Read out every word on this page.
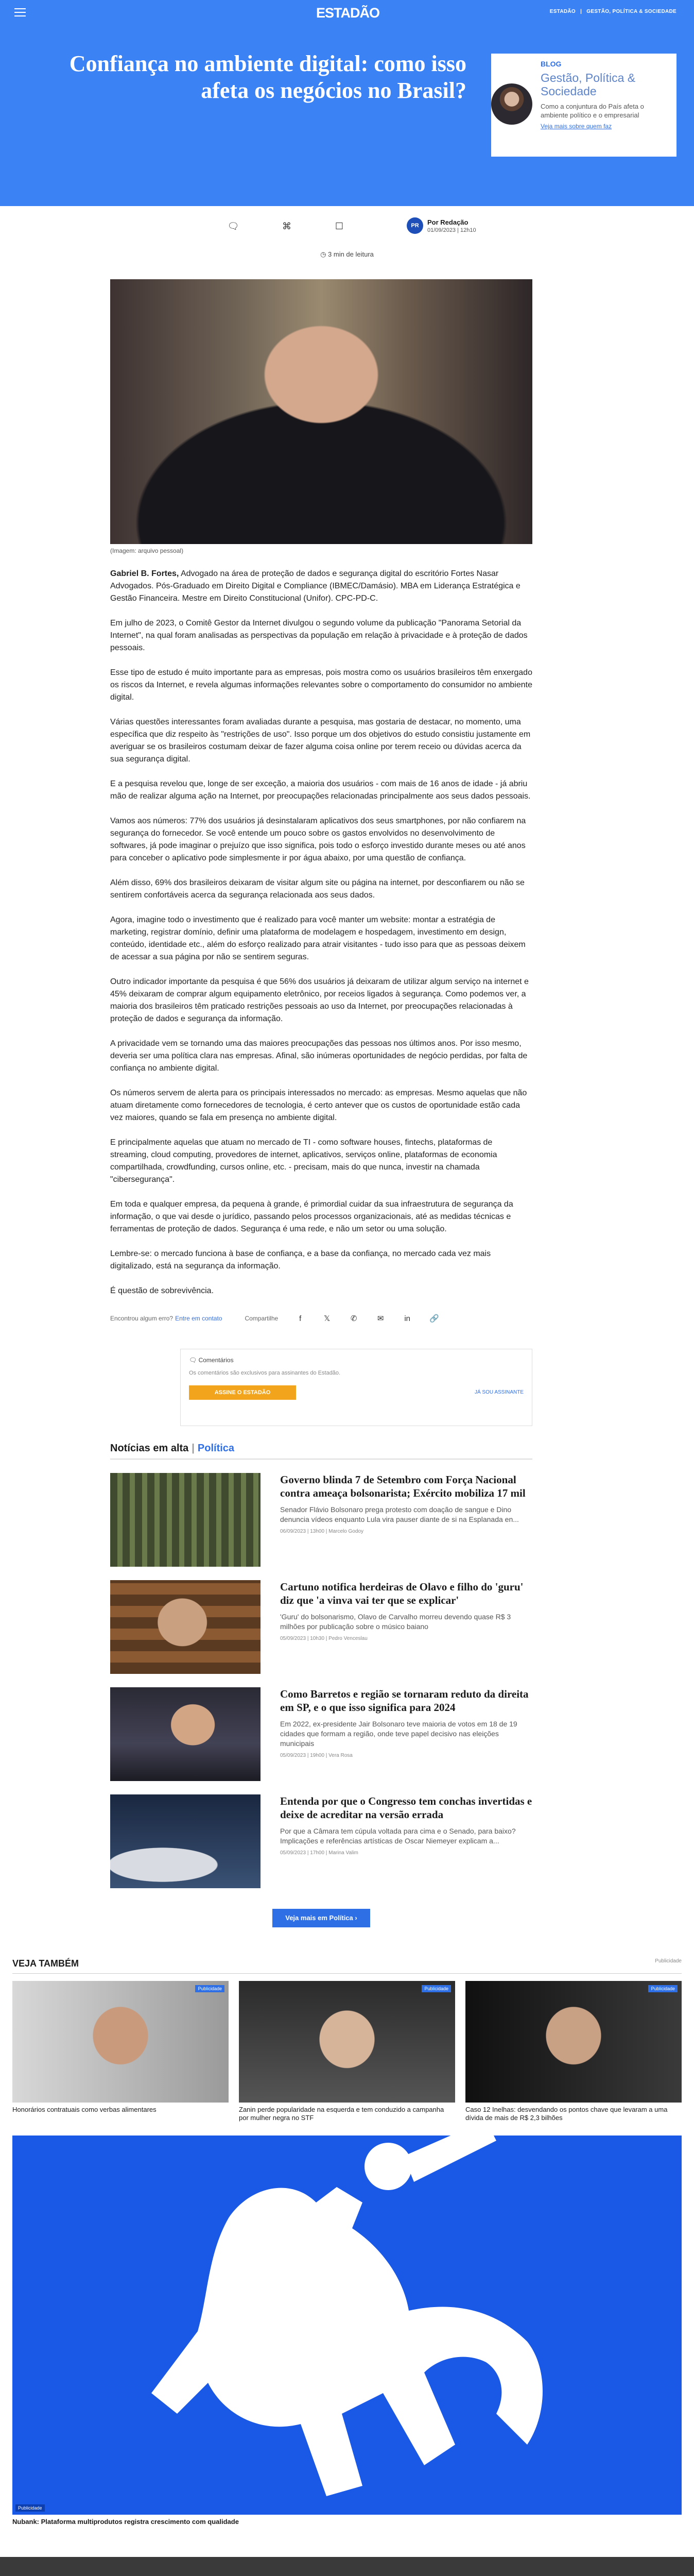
ESTADÃO	ESTADÃO | GESTÃO, POLÍTICA & SOCIEDADE
Confiança no ambiente digital: como isso afeta os negócios no Brasil?
BLOG
Gestão, Política & Sociedade
Como a conjuntura do País afeta o ambiente político e o empresarial
Veja mais sobre quem faz
🗨	⌘	☐	PR	Por Redação
01/09/2023 | 12h10
◷ 3 min de leitura
(Imagem: arquivo pessoal)

Gabriel B. Fortes, Advogado na área de proteção de dados e segurança digital do escritório Fortes Nasar Advogados. Pós-Graduado em Direito Digital e Compliance (IBMEC/Damásio). MBA em Liderança Estratégica e Gestão Financeira. Mestre em Direito Constitucional (Unifor). CPC-PD-C.

Em julho de 2023, o Comitê Gestor da Internet divulgou o segundo volume da publicação "Panorama Setorial da Internet", na qual foram analisadas as perspectivas da população em relação à privacidade e à proteção de dados pessoais.

Esse tipo de estudo é muito importante para as empresas, pois mostra como os usuários brasileiros têm enxergado os riscos da Internet, e revela algumas informações relevantes sobre o comportamento do consumidor no ambiente digital.

Várias questões interessantes foram avaliadas durante a pesquisa, mas gostaria de destacar, no momento, uma específica que diz respeito às "restrições de uso". Isso porque um dos objetivos do estudo consistiu justamente em averiguar se os brasileiros costumam deixar de fazer alguma coisa online por terem receio ou dúvidas acerca da sua segurança digital.

E a pesquisa revelou que, longe de ser exceção, a maioria dos usuários - com mais de 16 anos de idade - já abriu mão de realizar alguma ação na Internet, por preocupações relacionadas principalmente aos seus dados pessoais.

Vamos aos números: 77% dos usuários já desinstalaram aplicativos dos seus smartphones, por não confiarem na segurança do fornecedor. Se você entende um pouco sobre os gastos envolvidos no desenvolvimento de softwares, já pode imaginar o prejuízo que isso significa, pois todo o esforço investido durante meses ou até anos para conceber o aplicativo pode simplesmente ir por água abaixo, por uma questão de confiança.

Além disso, 69% dos brasileiros deixaram de visitar algum site ou página na internet, por desconfiarem ou não se sentirem confortáveis acerca da segurança relacionada aos seus dados.

Agora, imagine todo o investimento que é realizado para você manter um website: montar a estratégia de marketing, registrar domínio, definir uma plataforma de modelagem e hospedagem, investimento em design, conteúdo, identidade etc., além do esforço realizado para atrair visitantes - tudo isso para que as pessoas deixem de acessar a sua página por não se sentirem seguras.

Outro indicador importante da pesquisa é que 56% dos usuários já deixaram de utilizar algum serviço na internet e 45% deixaram de comprar algum equipamento eletrônico, por receios ligados à segurança. Como podemos ver, a maioria dos brasileiros têm praticado restrições pessoais ao uso da Internet, por preocupações relacionadas à proteção de dados e segurança da informação.

A privacidade vem se tornando uma das maiores preocupações das pessoas nos últimos anos. Por isso mesmo, deveria ser uma política clara nas empresas. Afinal, são inúmeras oportunidades de negócio perdidas, por falta de confiança no ambiente digital.

Os números servem de alerta para os principais interessados no mercado: as empresas. Mesmo aquelas que não atuam diretamente como fornecedores de tecnologia, é certo antever que os custos de oportunidade estão cada vez maiores, quando se fala em presença no ambiente digital.

E principalmente aquelas que atuam no mercado de TI - como software houses, fintechs, plataformas de streaming, cloud computing, provedores de internet, aplicativos, serviços online, plataformas de economia compartilhada, crowdfunding, cursos online, etc. - precisam, mais do que nunca, investir na chamada "cibersegurança".

Em toda e qualquer empresa, da pequena à grande, é primordial cuidar da sua infraestrutura de segurança da informação, o que vai desde o jurídico, passando pelos processos organizacionais, até as medidas técnicas e ferramentas de proteção de dados. Segurança é uma rede, e não um setor ou uma solução.

Lembre-se: o mercado funciona à base de confiança, e a base da confiança, no mercado cada vez mais digitalizado, está na segurança da informação.

É questão de sobrevivência.

Encontrou algum erro? Entre em contato	Compartilhe	f	𝕏	✆	✉	in 🔗
🗨 Comentários
Os comentários são exclusivos para assinantes do Estadão.
ASSINE O ESTADÃO	JÁ SOU ASSINANTE
Notícias em alta | Política
Governo blinda 7 de Setembro com Força Nacional contra ameaça bolsonarista; Exército mobiliza 17 mil
Senador Flávio Bolsonaro prega protesto com doação de sangue e Dino denuncia vídeos enquanto Lula vira pauser diante de si na Esplanada en...
06/09/2023 | 13h00 | Marcelo Godoy
Cartuno notifica herdeiras de Olavo e filho do 'guru' diz que 'a vinva vai ter que se explicar'
'Guru' do bolsonarismo, Olavo de Carvalho morreu devendo quase R$ 3 milhões por publicação sobre o músico baiano
05/09/2023 | 10h30 | Pedro Venceslau
Como Barretos e região se tornaram reduto da direita em SP, e o que isso significa para 2024
Em 2022, ex-presidente Jair Bolsonaro teve maioria de votos em 18 de 19 cidades que formam a região, onde teve papel decisivo nas eleições municipais
05/09/2023 | 19h00 | Vera Rosa
Entenda por que o Congresso tem conchas invertidas e deixe de acreditar na versão errada
Por que a Câmara tem cúpula voltada para cima e o Senado, para baixo? Implicações e referências artísticas de Oscar Niemeyer explicam a...
05/09/2023 | 17h00 | Marina Valim
Veja mais em Política ›
VEJA TAMBÉM	Publicidade
Publicidade
Honorários contratuais como verbas alimentares
Publicidade
Zanin perde popularidade na esquerda e tem conduzido a campanha por mulher negra no STF
Publicidade
Caso 12 Inelhas: desvendando os pontos chave que levaram a uma dívida de mais de R$ 2,3 bilhões
Publicidade
Nubank: Plataforma multiprodutos registra crescimento com qualidade
